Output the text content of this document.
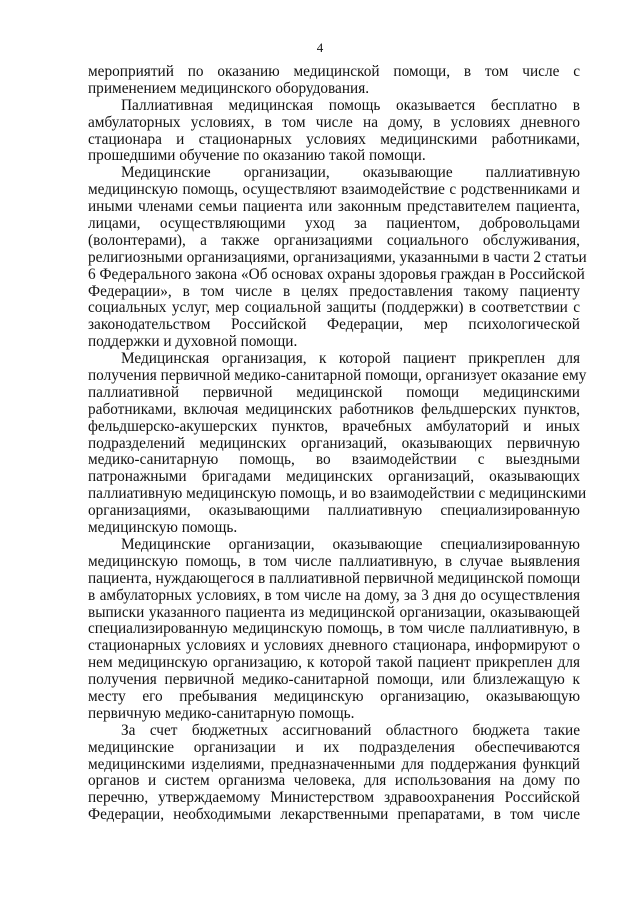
4
мероприятий по оказанию медицинской помощи, в том числе с
применением медицинского оборудования.
Паллиативная медицинская помощь оказывается бесплатно в
амбулаторных условиях, в том числе на дому, в условиях дневного
стационара и стационарных условиях медицинскими работниками,
прошедшими обучение по оказанию такой помощи.
Медицинские организации, оказывающие паллиативную
медицинскую помощь, осуществляют взаимодействие с родственниками и
иными членами семьи пациента или законным представителем пациента,
лицами, осуществляющими уход за пациентом, добровольцами
(волонтерами), а также организациями социального обслуживания,
религиозными организациями, организациями, указанными в части 2 статьи
6 Федерального закона «Об основах охраны здоровья граждан в Российской
Федерации», в том числе в целях предоставления такому пациенту
социальных услуг, мер социальной защиты (поддержки) в соответствии с
законодательством Российской Федерации, мер психологической
поддержки и духовной помощи.
Медицинская организация, к которой пациент прикреплен для
получения первичной медико-санитарной помощи, организует оказание ему
паллиативной первичной медицинской помощи медицинскими
работниками, включая медицинских работников фельдшерских пунктов,
фельдшерско-акушерских пунктов, врачебных амбулаторий и иных
подразделений медицинских организаций, оказывающих первичную
медико-санитарную помощь, во взаимодействии с выездными
патронажными бригадами медицинских организаций, оказывающих
паллиативную медицинскую помощь, и во взаимодействии с медицинскими
организациями, оказывающими паллиативную специализированную
медицинскую помощь.
Медицинские организации, оказывающие специализированную
медицинскую помощь, в том числе паллиативную, в случае выявления
пациента, нуждающегося в паллиативной первичной медицинской помощи
в амбулаторных условиях, в том числе на дому, за 3 дня до осуществления
выписки указанного пациента из медицинской организации, оказывающей
специализированную медицинскую помощь, в том числе паллиативную, в
стационарных условиях и условиях дневного стационара, информируют о
нем медицинскую организацию, к которой такой пациент прикреплен для
получения первичной медико-санитарной помощи, или близлежащую к
месту его пребывания медицинскую организацию, оказывающую
первичную медико-санитарную помощь.
За счет бюджетных ассигнований областного бюджета такие
медицинские организации и их подразделения обеспечиваются
медицинскими изделиями, предназначенными для поддержания функций
органов и систем организма человека, для использования на дому по
перечню, утверждаемому Министерством здравоохранения Российской
Федерации, необходимыми лекарственными препаратами, в том числе
